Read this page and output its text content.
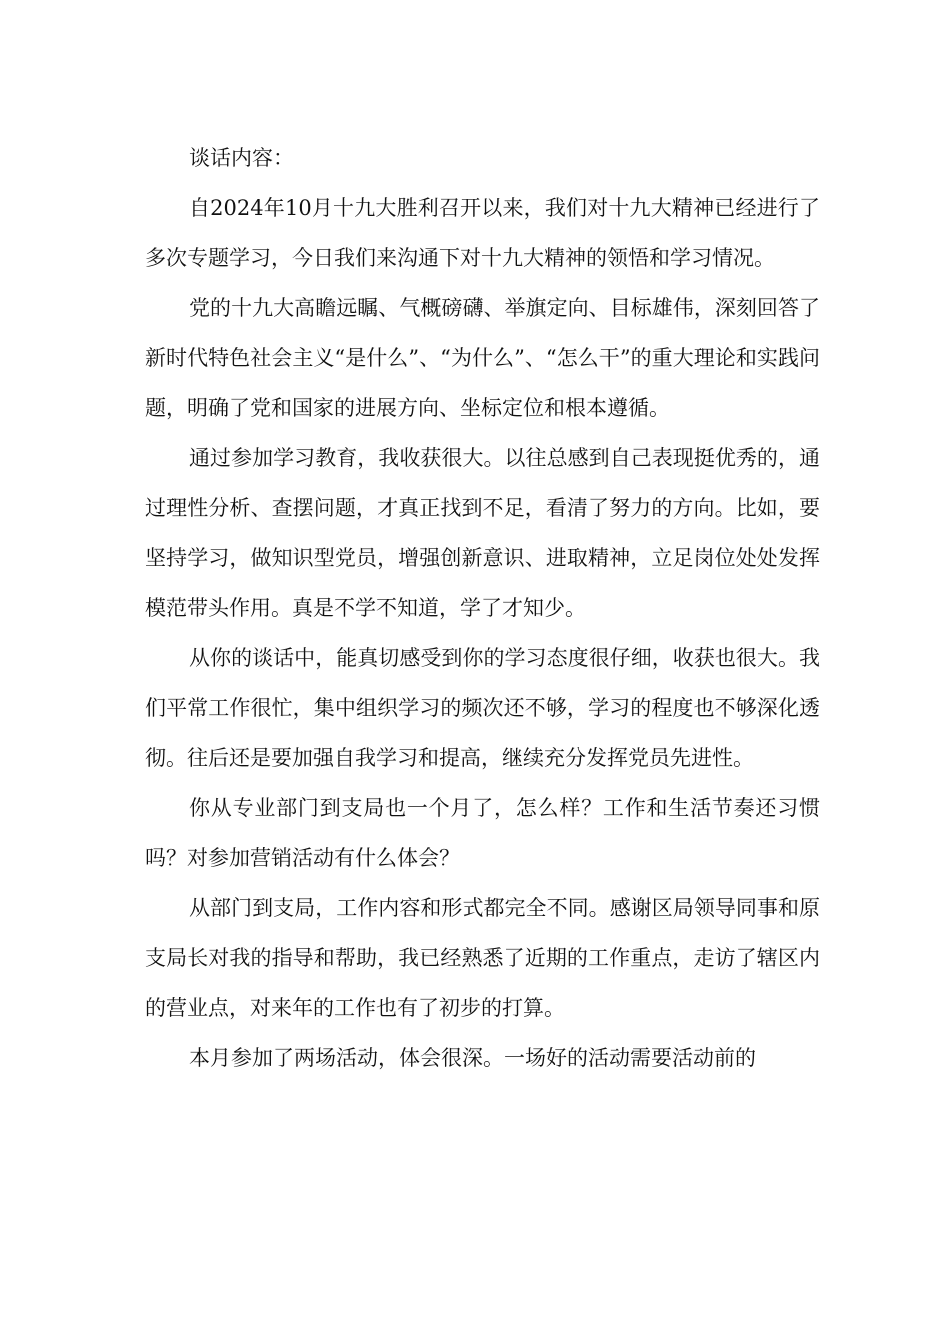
谈话内容：

自2024年10月十九大胜利召开以来，我们对十九大精神已经进行了多次专题学习，今日我们来沟通下对十九大精神的领悟和学习情况。

党的十九大高瞻远瞩、气概磅礴、举旗定向、目标雄伟，深刻回答了新时代特色社会主义“是什么”、“为什么”、“怎么干”的重大理论和实践问题，明确了党和国家的进展方向、坐标定位和根本遵循。

通过参加学习教育，我收获很大。以往总感到自己表现挺优秀的，通过理性分析、查摆问题，才真正找到不足，看清了努力的方向。比如，要坚持学习，做知识型党员，增强创新意识、进取精神，立足岗位处处发挥模范带头作用。真是不学不知道，学了才知少。

从你的谈话中，能真切感受到你的学习态度很仔细，收获也很大。我们平常工作很忙，集中组织学习的频次还不够，学习的程度也不够深化透彻。往后还是要加强自我学习和提高，继续充分发挥党员先进性。

你从专业部门到支局也一个月了，怎么样？工作和生活节奏还习惯吗？对参加营销活动有什么体会？

从部门到支局，工作内容和形式都完全不同。感谢区局领导同事和原支局长对我的指导和帮助，我已经熟悉了近期的工作重点，走访了辖区内的营业点，对来年的工作也有了初步的打算。

本月参加了两场活动，体会很深。一场好的活动需要活动前的
